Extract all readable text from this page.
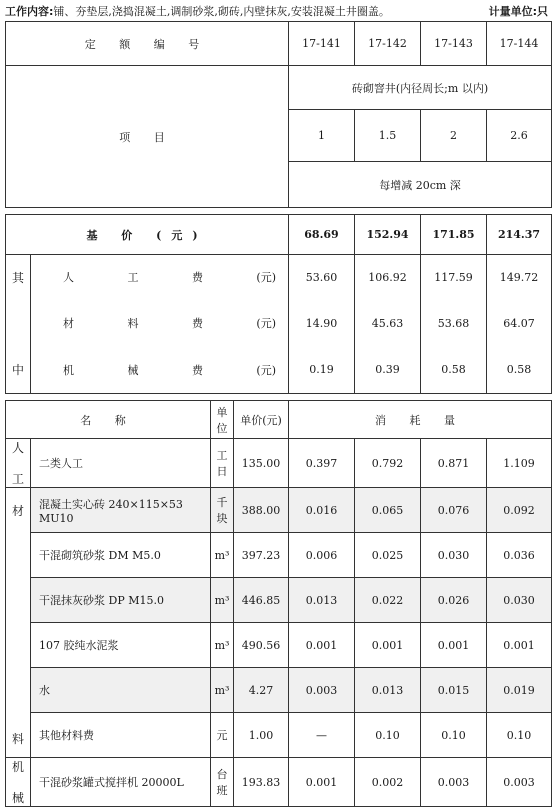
工作内容:铺、夯垫层,浇捣混凝土,调制砂浆,砌砖,内壁抹灰,安装混凝土井圈盖。	计量单位:只
定 额 编 号				17-141	17-142	17-143	17-144
项 目				砖砌窨井(内径周长;m 以内)			
				1	1.5	2	2.6
				每增减 20cm 深			

基 价 (元)				68.69	152.94	171.85	214.37
其	人 工 费 (元)			53.60	106.92	117.59	149.72

	材 料 费 (元)			14.90	45.63	53.68	64.07
中	机 械 费 (元)			0.19	0.39	0.58	0.58

名 称		单位	单价(元)	消 耗 量			
人

工	二类人工	工日	135.00	0.397	0.792	0.871	1.109
材
料	混凝土实心砖 240×115×53 MU10	千块	388.00	0.016	0.065	0.076	0.092
	干混砌筑砂浆 DM M5.0	m³	397.23	0.006	0.025	0.030	0.036
	干混抹灰砂浆 DP M15.0	m³	446.85	0.013	0.022	0.026	0.030
	107 胶纯水泥浆	m³	490.56	0.001	0.001	0.001	0.001
	水	m³	4.27	0.003	0.013	0.015	0.019
	其他材料费	元	1.00	—	0.10	0.10	0.10
机

械	干混砂浆罐式搅拌机 20000L	台班	193.83	0.001	0.002	0.003	0.003
